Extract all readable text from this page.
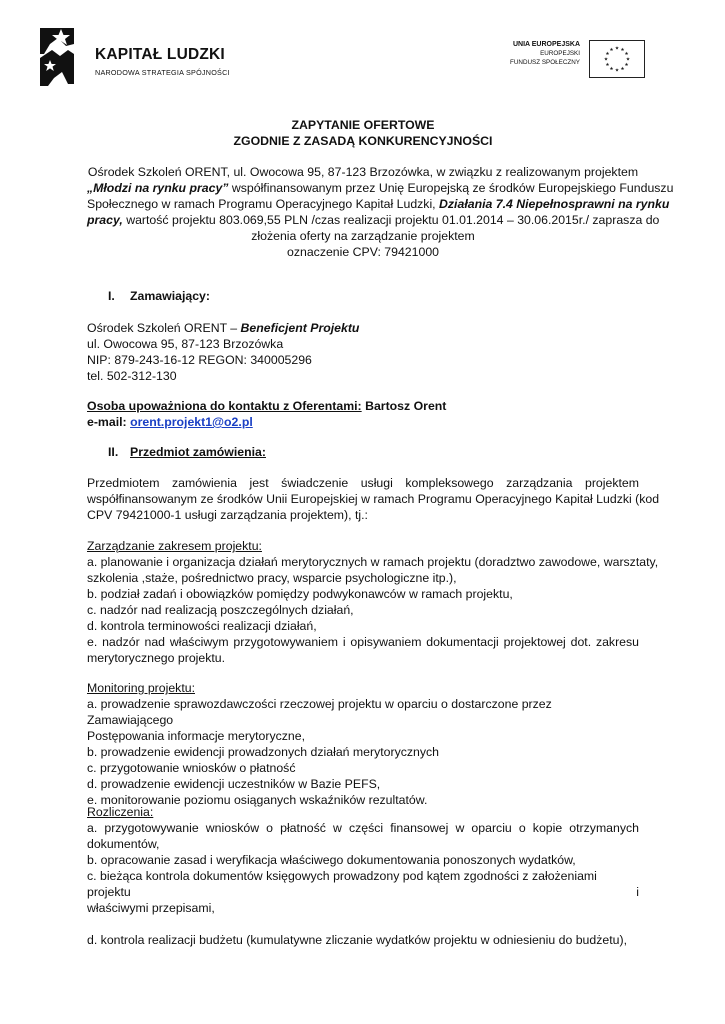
KAPITAŁ LUDZKI
NARODOWA STRATEGIA SPÓJNOŚCI
UNIA EUROPEJSKA
EUROPEJSKI
FUNDUSZ SPOŁECZNY
ZAPYTANIE OFERTOWE
ZGODNIE Z ZASADĄ KONKURENCYJNOŚCI
Ośrodek Szkoleń ORENT, ul. Owocowa 95, 87-123 Brzozówka, w związku z realizowanym projektem
„Młodzi na rynku pracy” współfinansowanym przez Unię Europejską ze środków Europejskiego Funduszu
Społecznego w ramach Programu Operacyjnego Kapitał Ludzki, Działania 7.4 Niepełnosprawni na rynku
pracy, wartość projektu 803.069,55 PLN /czas realizacji projektu 01.01.2014 – 30.06.2015r./ zaprasza do
złożenia oferty na zarządzanie projektem
oznaczenie CPV: 79421000
I. Zamawiający:
Ośrodek Szkoleń ORENT – Beneficjent Projektu
ul. Owocowa 95, 87-123 Brzozówka
NIP: 879-243-16-12 REGON: 340005296
tel. 502-312-130
Osoba upoważniona do kontaktu z Oferentami: Bartosz Orent
e-mail: orent.projekt1@o2.pl
II. Przedmiot zamówienia:
Przedmiotem zamówienia jest świadczenie usługi kompleksowego zarządzania projektem
współfinansowanym ze środków Unii Europejskiej w ramach Programu Operacyjnego Kapitał Ludzki (kod
CPV 79421000-1 usługi zarządzania projektem), tj.:
Zarządzanie zakresem projektu:
a. planowanie i organizacja działań merytorycznych w ramach projektu (doradztwo zawodowe, warsztaty,
szkolenia ,staże, pośrednictwo pracy, wsparcie psychologiczne itp.),
b. podział zadań i obowiązków pomiędzy podwykonawców w ramach projektu,
c. nadzór nad realizacją poszczególnych działań,
d. kontrola terminowości realizacji działań,
e. nadzór nad właściwym przygotowywaniem i opisywaniem dokumentacji projektowej dot. zakresu
merytorycznego projektu.
Monitoring projektu:
a. prowadzenie sprawozdawczości rzeczowej projektu w oparciu o dostarczone przez Zamawiającego
Postępowania informacje merytoryczne,
b. prowadzenie ewidencji prowadzonych działań merytorycznych
c. przygotowanie wniosków o płatność
d. prowadzenie ewidencji uczestników w Bazie PEFS,
e. monitorowanie poziomu osiąganych wskaźników rezultatów.
Rozliczenia:
a. przygotowywanie wniosków o płatność w części finansowej w oparciu o kopie otrzymanych
dokumentów,
b. opracowanie zasad i weryfikacja właściwego dokumentowania ponoszonych wydatków,
c. bieżąca kontrola dokumentów księgowych prowadzony pod kątem zgodności z założeniami projektu i
właściwymi przepisami,
d. kontrola realizacji budżetu (kumulatywne zliczanie wydatków projektu w odniesieniu do budżetu),
